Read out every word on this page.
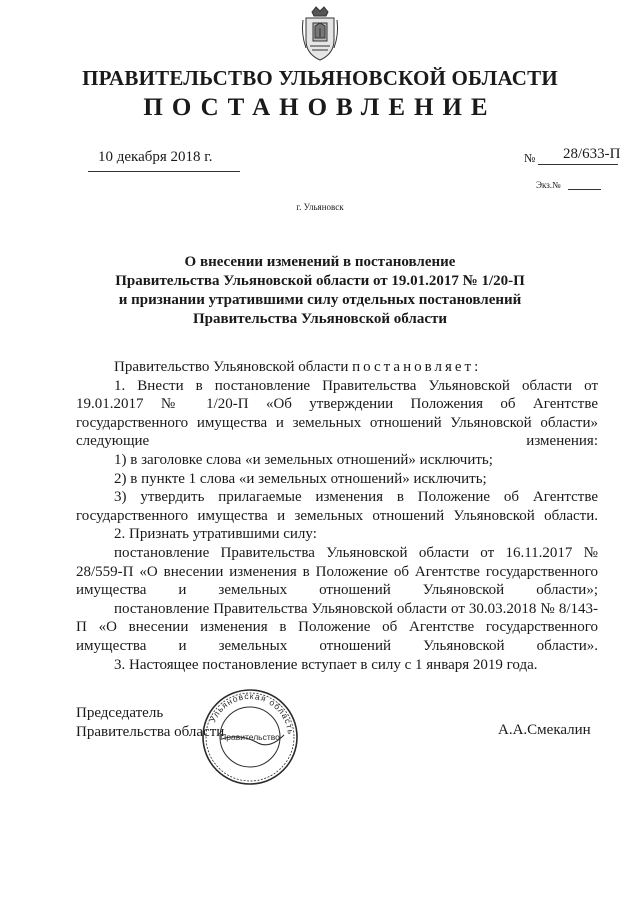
ПРАВИТЕЛЬСТВО УЛЬЯНОВСКОЙ ОБЛАСТИ
ПОСТАНОВЛЕНИЕ
10 декабря 2018 г.	№ 28/633-П
Экз.№
г. Ульяновск
О внесении изменений в постановление
Правительства Ульяновской области от 19.01.2017 № 1/20-П
и признании утратившими силу отдельных постановлений
Правительства Ульяновской области

Правительство Ульяновской области постановляет:

1. Внести в постановление Правительства Ульяновской области от 19.01.2017 № 1/20-П «Об утверждении Положения об Агентстве государственного имущества и земельных отношений Ульяновской области» следующие изменения:

1) в заголовке слова «и земельных отношений» исключить;

2) в пункте 1 слова «и земельных отношений» исключить;

3) утвердить прилагаемые изменения в Положение об Агентстве государственного имущества и земельных отношений Ульяновской области.

2. Признать утратившими силу:

постановление Правительства Ульяновской области от 16.11.2017 № 28/559-П «О внесении изменения в Положение об Агентстве государственного имущества и земельных отношений Ульяновской области»;

постановление Правительства Ульяновской области от 30.03.2018 № 8/143-П «О внесении изменения в Положение об Агентстве государственного имущества и земельных отношений Ульяновской области».

3. Настоящее постановление вступает в силу с 1 января 2019 года.

Председатель

Правительства области	А.А.Смекалин
Ульяновская область
Правительство
